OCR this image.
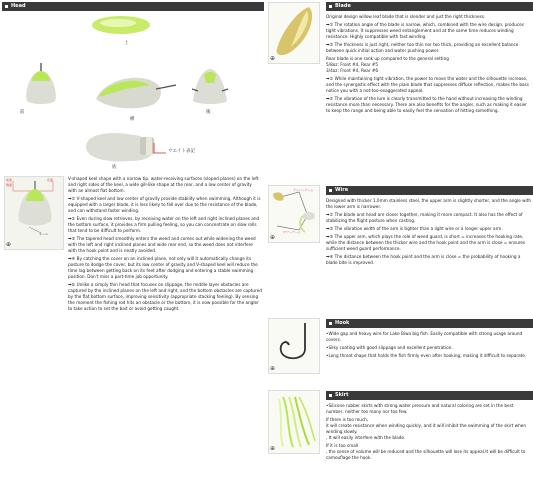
Head
上
前
横
後
底
ウエイト表記
前面
側面
底面
キール
⊕

V-shaped keel shape with a narrow tip, water-receiving surfaces (sloped planes) on the left and right sides of the keel, a wide gill-like shape at the rear, and a low center of gravity with an almost flat bottom.

➡① V-shaped keel and low center of gravity provide stability when swimming. Although it is equipped with a larger blade, it is less likely to fall over due to the resistance of the blade, and can withstand faster winding.

➡② Even during slow retrieves, by receiving water on the left and right inclined planes and the bottom surface, it provides a firm pulling feeling, so you can concentrate on slow rolls that tend to be difficult to perform.

➡③ The tapered head smoothly enters the weed and comes out while widening the weed with the left and right inclined planes and wide rear end, so the weed does not interfere with the hook point and is neatly avoided.

➡④ By catching the cover on an inclined plane, not only will it automatically change its posture to dodge the cover, but its low center of gravity and V-shaped keel will reduce the time lag between getting back on its feet after dodging and entering a stable swimming position. Don't miss a part-time job opportunity.

➡⑤ Unlike a simply thin head that focuses on slippage, the middle layer obstacles are captured by the inclined planes on the left and right, and the bottom obstacles are captured by the flat bottom surface, improving sensitivity (appropriate stacking feeling). By sensing the moment the fishing rod hits an obstacle or the bottom, it is now possible for the angler to take action to set the bait or avoid getting caught.

⊕
Blade

Original design willow leaf blade that is slender and just the right thickness.

➡① The rotation angle of the blade is narrow, which, combined with the wire design, produces tight vibrations. It suppresses weed entanglement and at the same time reduces winding resistance. Highly compatible with fast winding.

➡② The thickness is just right, neither too thin nor too thick, providing an excellent balance between quick initial action and water pushing power.

Rear blade is one rank up compared to the general setting

5/8oz: Front #4, Rear #5

3/4oz: Front #4, Rear #6

➡① While maintaining tight vibration, the power to move the water and the silhouette increase, and the synergistic effect with the plain blade that suppresses diffuse reflection, makes the bass notice you with a not-too-exaggerated appeal.

➡② The vibration of the lure is clearly transmitted to the hand without increasing the winding resistance more than necessary. There are also benefits for the angler, such as making it easier to keep the range and being able to easily feel the sensation of hitting something.

アッパーアーム
ロワーアーム
⊕
Wire

Designed with thicker 1.0mm stainless steel, the upper arm is slightly shorter, and the angle with the lower arm is narrower.

➡① The blade and head are closer together, making it more compact. It also has the effect of stabilizing the flight posture when casting.

➡② The vibration width of the arm is tighter than a light wire or a longer upper arm.

➡③ The upper arm, which plays the role of weed guard, is short = increases the hooking rate, while the distance between the thicker wire and the hook point and the arm is close = ensures sufficient weed guard performance.

➡④ The distance between the hook point and the arm is close = the probability of hooking a blade bite is improved.

⊕
Hook

•Wide gap and heavy wire for Lake Biwa big fish. Easily compatible with strong usage around covers.

•Silky coating with good slippage and excellent penetration.

•Long throat shape that holds the fish firmly even after hooking, making it difficult to separate.

⊕
Skirt

•Silicone rubber skirts with strong water pressure and natural coloring are set in the best number, neither too many nor too few.

If there is too much,

it will create resistance when winding quickly, and it will inhibit the swimming of the skirt when winding slowly.

, It will easily interfere with the blade.

If it is too small

, the sense of volume will be reduced and the silhouette will lose its appeal.It will be difficult to camouflage the hook.
